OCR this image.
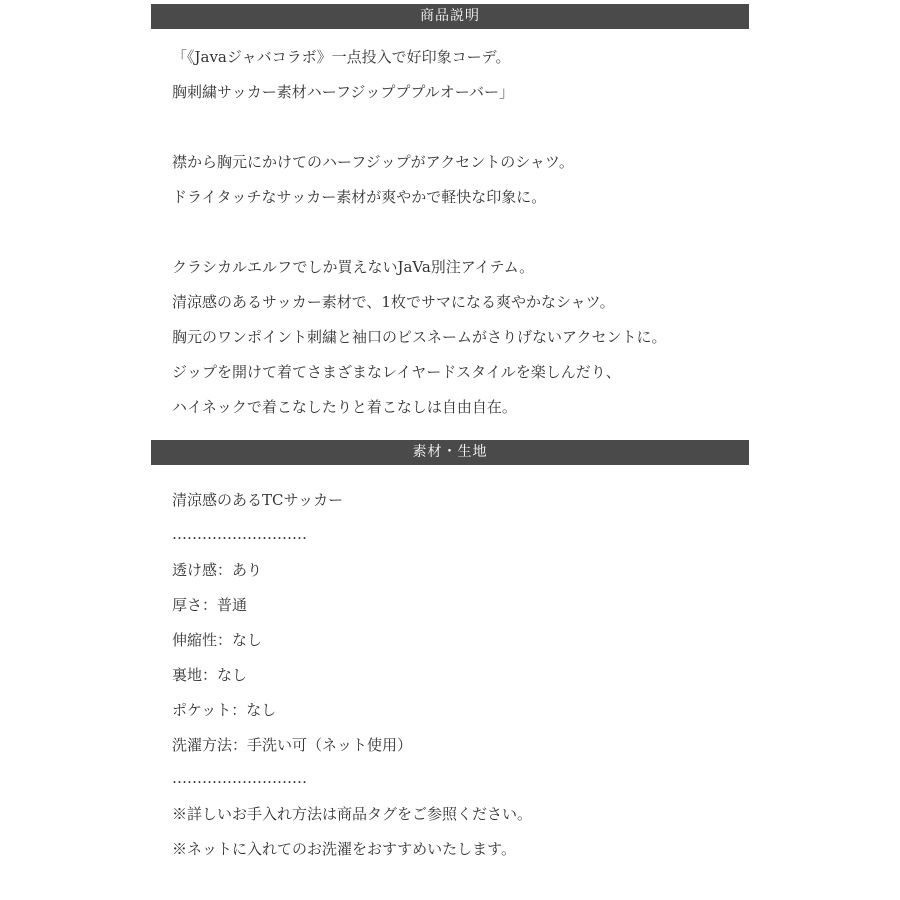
商品説明
「《Javaジャバコラボ》一点投入で好印象コーデ。
胸刺繍サッカー素材ハーフジップププルオーバー」
襟から胸元にかけてのハーフジップがアクセントのシャツ。
ドライタッチなサッカー素材が爽やかで軽快な印象に。
クラシカルエルフでしか買えないJaVa別注アイテム。
清涼感のあるサッカー素材で、1枚でサマになる爽やかなシャツ。
胸元のワンポイント刺繍と袖口のピスネームがさりげないアクセントに。
ジップを開けて着てさまざまなレイヤードスタイルを楽しんだり、
ハイネックで着こなしたりと着こなしは自由自在。
素材・生地
清涼感のあるTCサッカー
………………………
透け感：あり
厚さ：普通
伸縮性：なし
裏地：なし
ポケット：なし
洗濯方法：手洗い可（ネット使用）
………………………
※詳しいお手入れ方法は商品タグをご参照ください。
※ネットに入れてのお洗濯をおすすめいたします。
